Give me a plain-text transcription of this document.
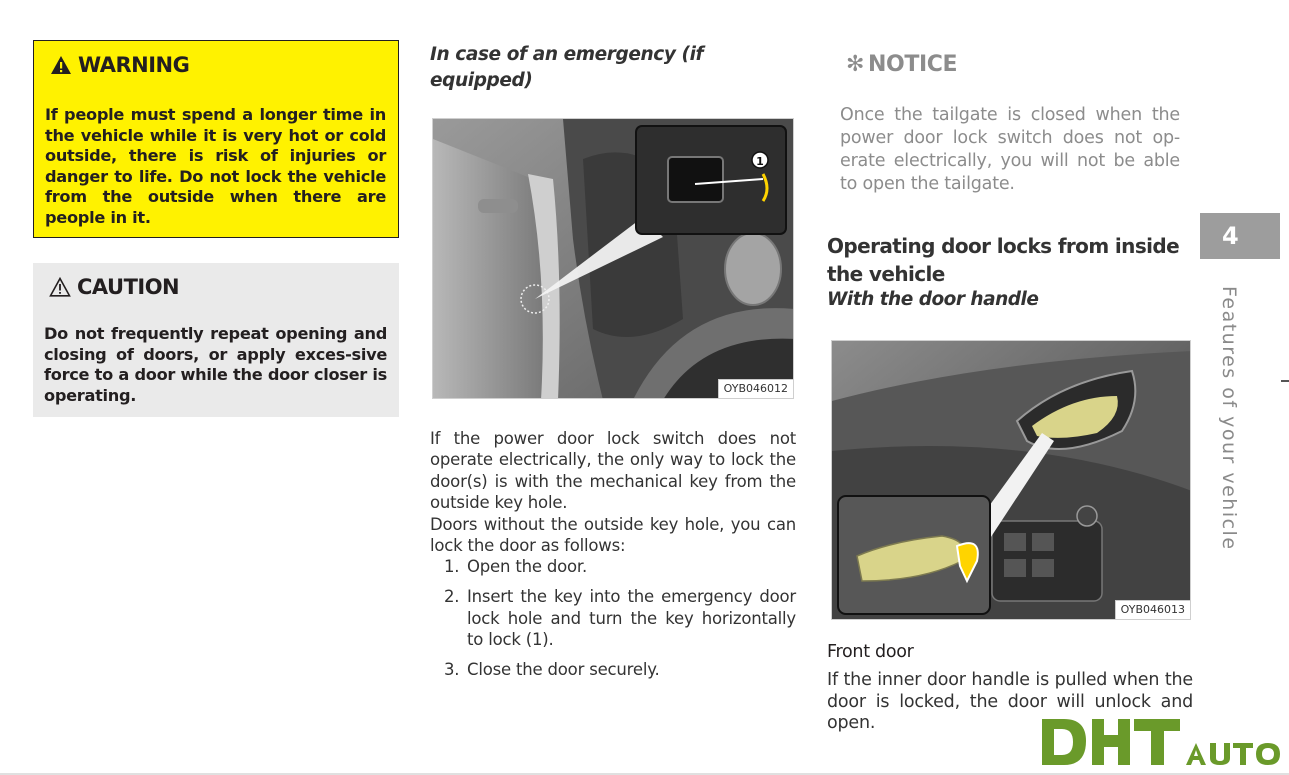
WARNING
If people must spend a longer time in the vehicle while it is very hot or cold outside, there is risk of injuries or danger to life. Do not lock the vehicle from the outside when there are people in it.
CAUTION
Do not frequently repeat opening and closing of doors, or apply exces-sive force to a door while the door closer is operating.
In case of an emergency (if equipped)
1
OYB046012
If the power door lock switch does not operate electrically, the only way to lock the door(s) is with the mechanical key from the outside key hole.
Doors without the outside key hole, you can lock the door as follows:
1. Open the door.
2. Insert the key into the emergency door lock hole and turn the key horizontally to lock (1).
3. Close the door securely.
✻ NOTICE
Once the tailgate is closed when the power door lock switch does not op-erate electrically, you will not be able to open the tailgate.
Operating door locks from inside the vehicle
With the door handle
OYB046013
Front door
If the inner door handle is pulled when the door is locked, the door will unlock and open.
4
Features of your vehicle
